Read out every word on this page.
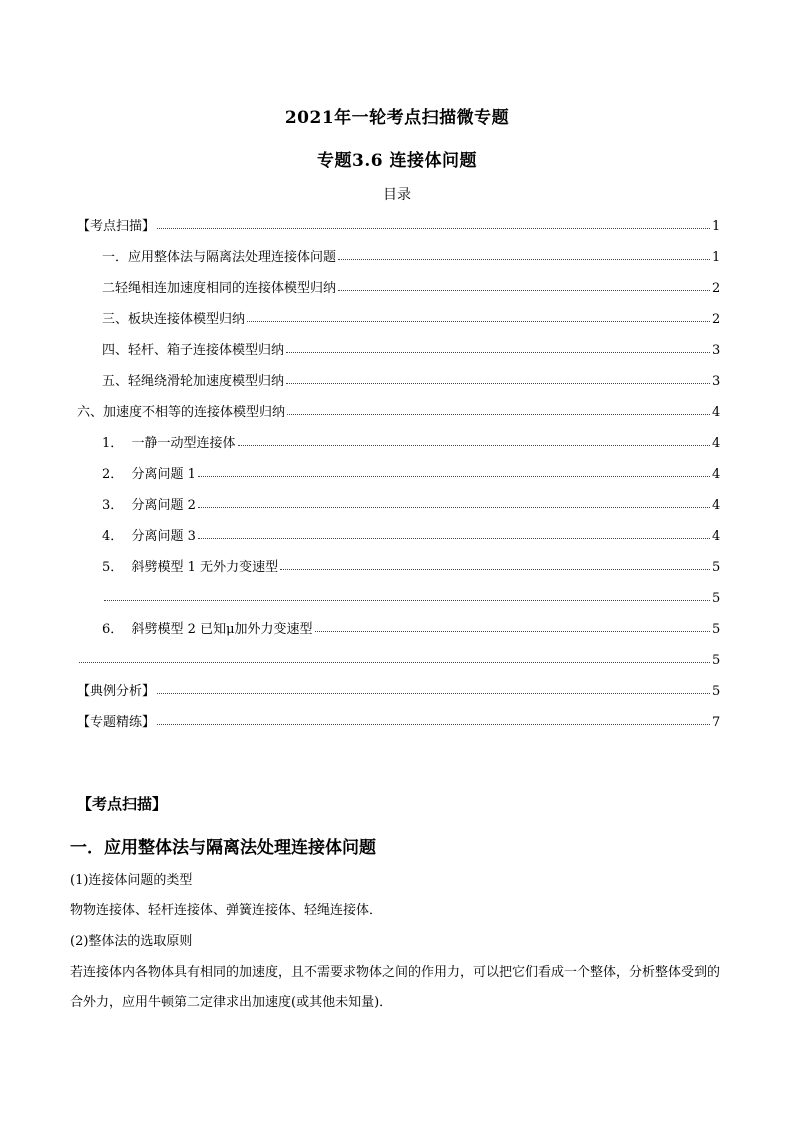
2021年一轮考点扫描微专题
专题3.6 连接体问题
目录
【考点扫描】	1
一．应用整体法与隔离法处理连接体问题	1
二轻绳相连加速度相同的连接体模型归纳	2
三、板块连接体模型归纳	2
四、轻杆、箱子连接体模型归纳	3
五、轻绳绕滑轮加速度模型归纳	3
六、加速度不相等的连接体模型归纳	4
1．  一静一动型连接体	4
2．  分离问题 1	4
3．  分离问题 2	4
4．  分离问题 3	4
5．  斜劈模型 1 无外力变速型	5
5
6．  斜劈模型 2 已知μ加外力变速型	5
5
【典例分析】	5
【专题精练】	7
【考点扫描】
一．应用整体法与隔离法处理连接体问题
(1)连接体问题的类型
物物连接体、轻杆连接体、弹簧连接体、轻绳连接体．
(2)整体法的选取原则
若连接体内各物体具有相同的加速度，且不需要求物体之间的作用力，可以把它们看成一个整体，分析整体受到的合外力，应用牛顿第二定律求出加速度(或其他未知量)．
